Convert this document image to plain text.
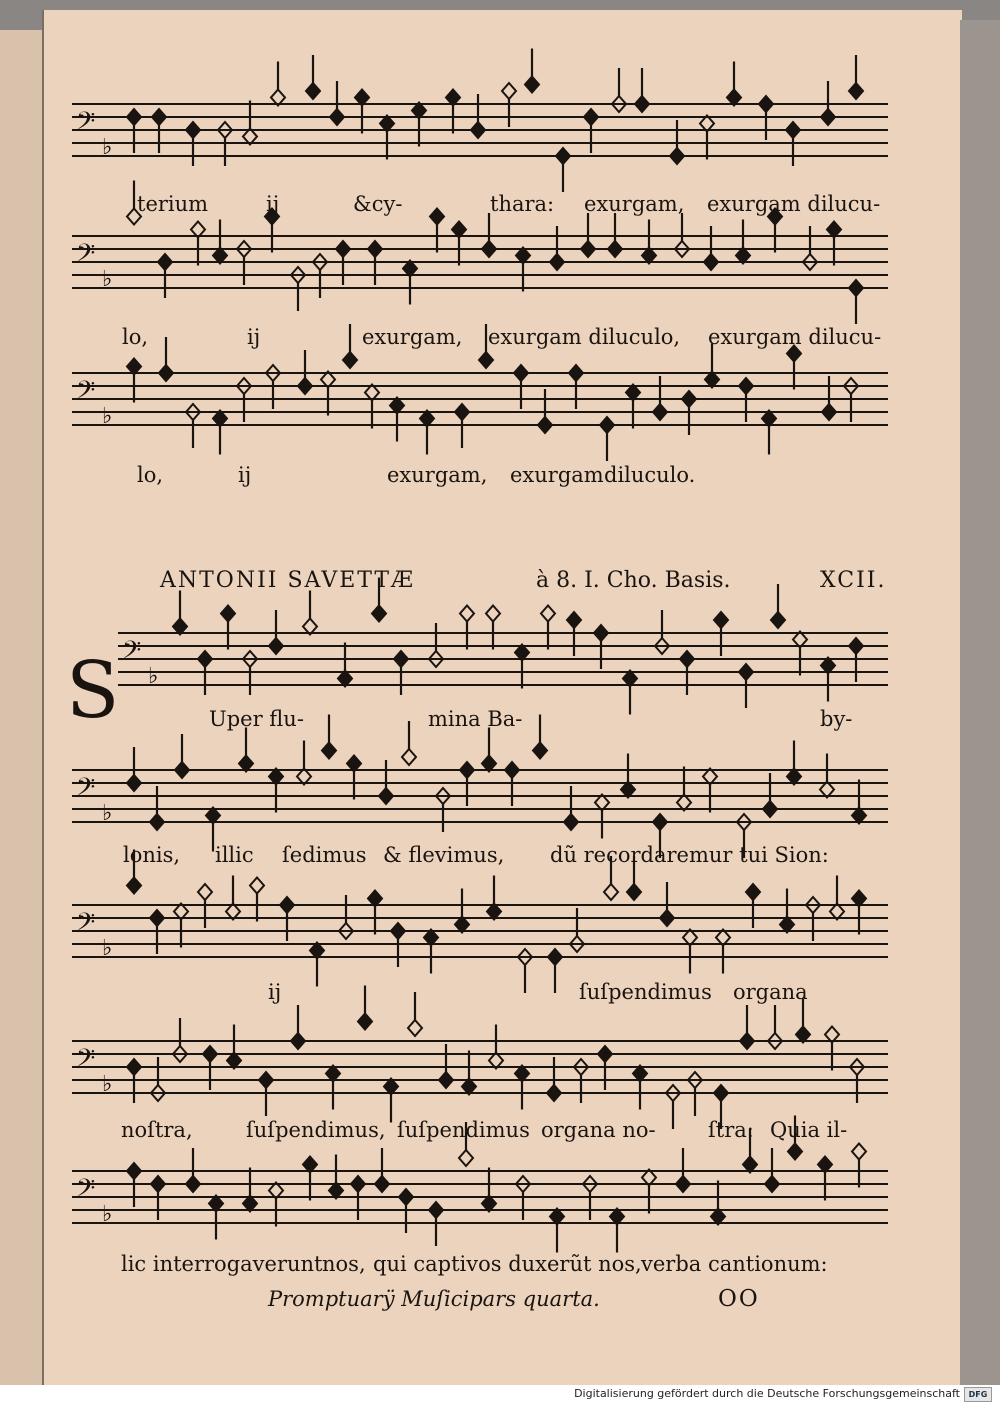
𝄢
♭
𝄢
♭
𝄢
♭
𝄢
♭
𝄢
♭
𝄢
♭
𝄢
♭
𝄢
♭
terium	ij	&cy-	thara: exurgam, exurgam dilucu-
lo,	ij	exurgam, exurgam diluculo, exurgam dilucu-
lo,	ij	exurgam, exurgam diluculo.
ANTONII SAVETTÆ	à 8. I. Cho. Basis.	XCII.
S	Uper flu-	mina Ba-	by-
lonis, illic ſedimus & flevimus, dũ recordaremur tui Sion:
ij	ſuſpendimus organa
noſtra,	ſuſpendimus, ſuſpendimus organa no- ſtra: Quia il-
lic interrogaverunt nos, qui captivos duxerũt nos, verba cantionum:
Promptuarÿ Muſicipars quarta.	OO
Digitalisierung gefördert durch die Deutsche Forschungsgemeinschaft	DFG
